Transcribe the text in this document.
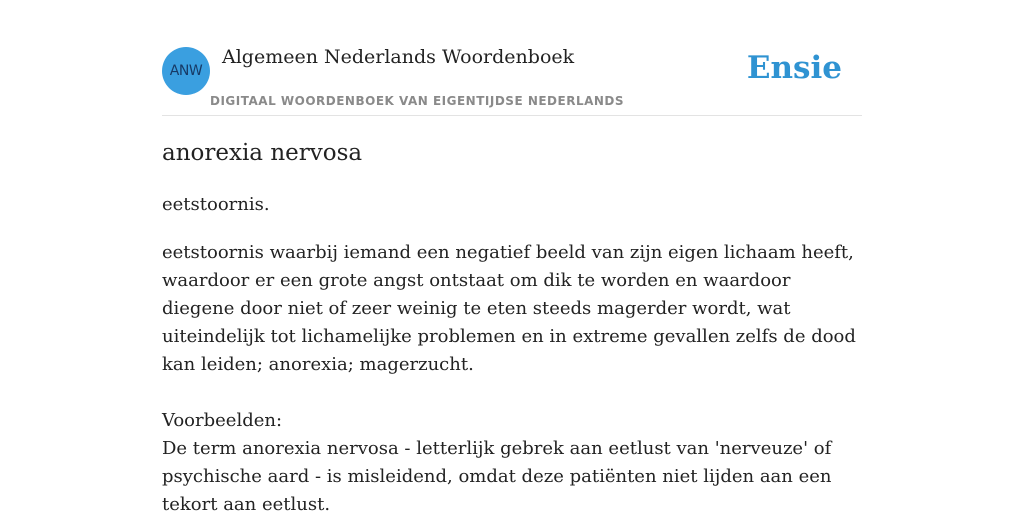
ANW
Algemeen Nederlands Woordenboek
DIGITAAL WOORDENBOEK VAN EIGENTIJDSE NEDERLANDS
Ensie
anorexia nervosa

eetstoornis.

eetstoornis waarbij iemand een negatief beeld van zijn eigen lichaam heeft, waardoor er een grote angst ontstaat om dik te worden en waardoor diegene door niet of zeer weinig te eten steeds magerder wordt, wat uiteindelijk tot lichamelijke problemen en in extreme gevallen zelfs de dood kan leiden; anorexia; magerzucht.

Voorbeelden:

De term anorexia nervosa - letterlijk gebrek aan eetlust van 'nerveuze' of psychische aard - is misleidend, omdat deze patiënten niet lijden aan een tekort aan eetlust.
